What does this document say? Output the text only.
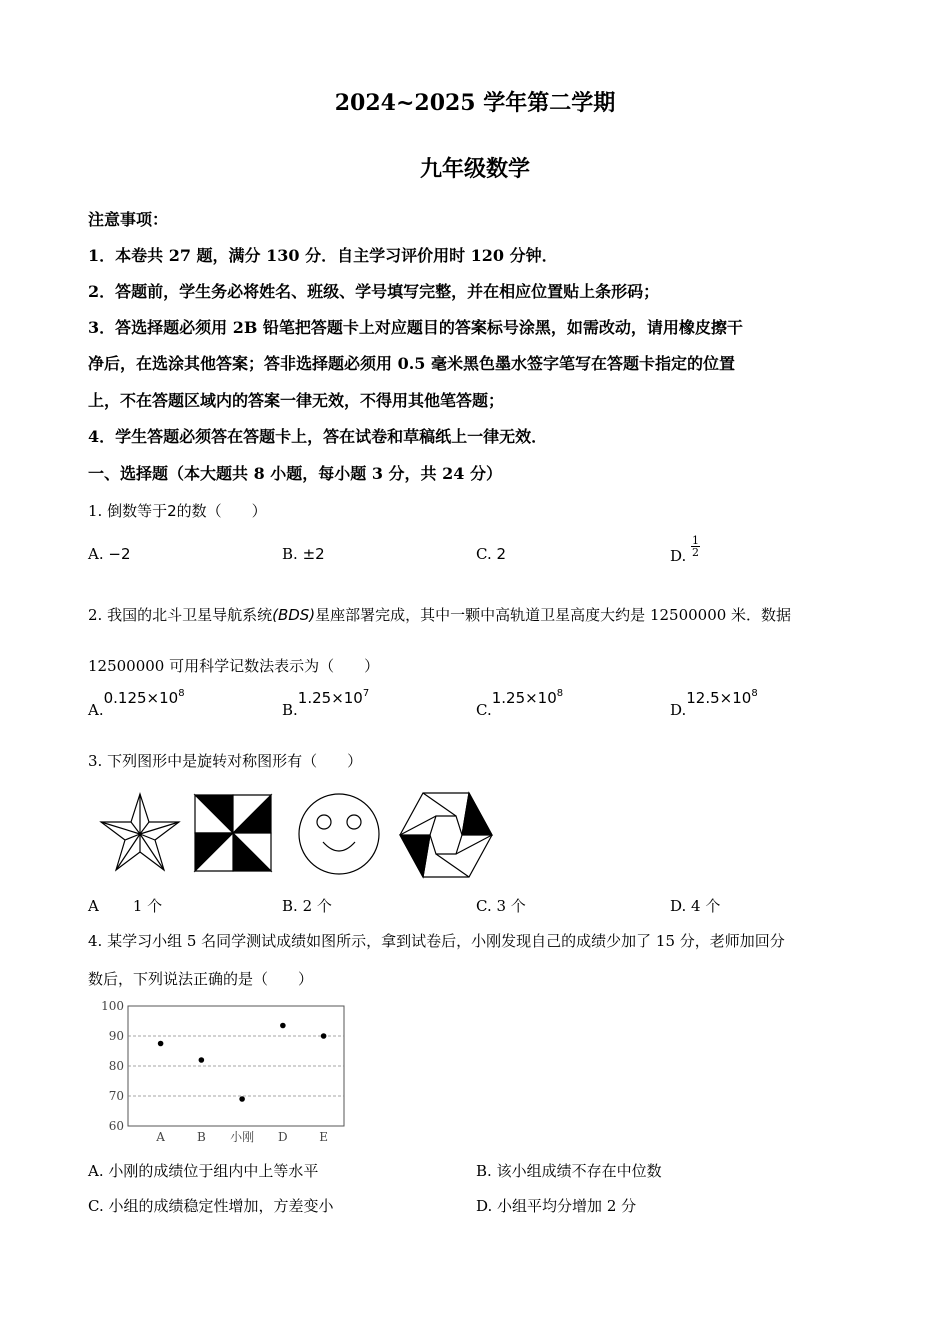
2024~2025 学年第二学期
九年级数学
注意事项：
1．本卷共 27 题，满分 130 分．自主学习评价用时 120 分钟．
2．答题前，学生务必将姓名、班级、学号填写完整，并在相应位置贴上条形码；
3．答选择题必须用 2B 铅笔把答题卡上对应题目的答案标号涂黑，如需改动，请用橡皮擦干
净后，在选涂其他答案；答非选择题必须用 0.5 毫米黑色墨水签字笔写在答题卡指定的位置
上，不在答题区域内的答案一律无效，不得用其他笔答题；
4．学生答题必须答在答题卡上，答在试卷和草稿纸上一律无效．
一、选择题（本大题共 8 小题，每小题 3 分，共 24 分）
1. 倒数等于2的数（　　）
A. −2	B. ±2	C. 2	D. $\frac{1}{2}$
2. 我国的北斗卫星导航系统(BDS)星座部署完成，其中一颗中高轨道卫星高度大约是 12500000 米．数据
12500000 可用科学记数法表示为（　　）
$A.0.125\times 10^8$
$B.1.25\times 10^7$
$C.1.25\times 10^8$
$D.12.5\times 10^8$
3. 下列图形中是旋转对称图形有（　　）
A 1 个	B. 2 个	C. 3 个	D. 4 个
4. 某学习小组 5 名同学测试成绩如图所示，拿到试卷后，小刚发现自己的成绩少加了 15 分，老师加回分
数后，下列说法正确的是（　　）
100
90
80
70
60
A	B 小刚 D	E
A. 小刚的成绩位于组内中上等水平	B. 该小组成绩不存在中位数
C. 小组的成绩稳定性增加，方差变小	D. 小组平均分增加 2 分
